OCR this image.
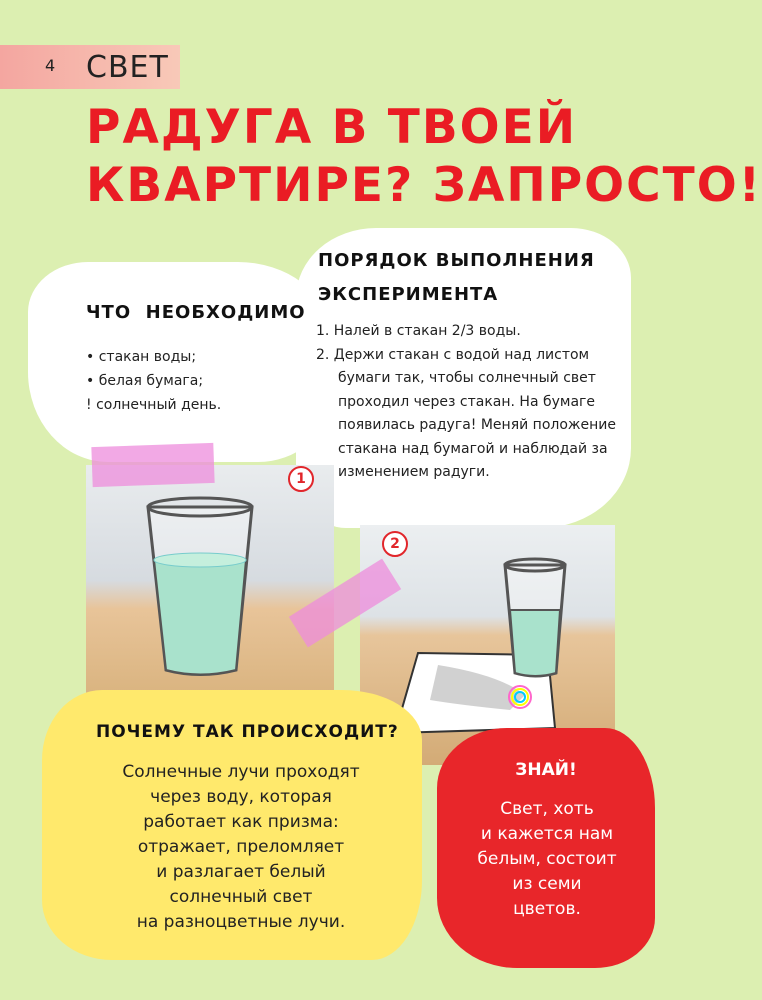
4 СВЕТ
РАДУГА В ТВОЕЙ
КВАРТИРЕ? ЗАПРОСТО!
ЧТО  НЕОБХОДИМО
• стакан воды;
• белая бумага;
! солнечный день.
ПОРЯДОК ВЫПОЛНЕНИЯ
ЭКСПЕРИМЕНТА
1. Налей в стакан 2/3 воды.
2. Держи стакан с водой над листом бумаги так, чтобы солнечный свет проходил через стакан. На бумаге появилась радуга! Меняй положение стакана над бумагой и наблюдай за изменением радуги.
1
2
ПОЧЕМУ ТАК ПРОИСХОДИТ?
Солнечные лучи проходят
через воду, которая
работает как призма:
отражает, преломляет
и разлагает белый
солнечный свет
на разноцветные лучи.
ЗНАЙ!
Свет, хоть
и кажется нам
белым, состоит
из семи
цветов.
